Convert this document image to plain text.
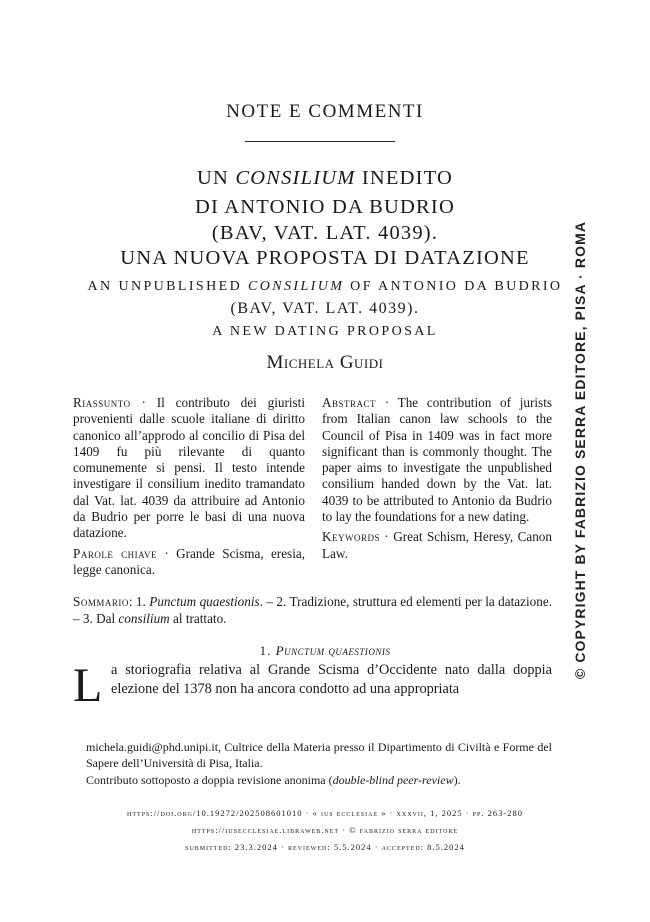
NOTE E COMMENTI
UN CONSILIUM INEDITO
DI ANTONIO DA BUDRIO
(BAV, VAT. LAT. 4039).
UNA NUOVA PROPOSTA DI DATAZIONE
AN UNPUBLISHED CONSILIUM OF ANTONIO DA BUDRIO
(BAV, VAT. LAT. 4039).
A NEW DATING PROPOSAL
Michela Guidi
Riassunto · Il contributo dei giuristi provenienti dalle scuole italiane di diritto canonico all’approdo al concilio di Pisa del 1409 fu più rilevante di quanto comunemente si pensi. Il testo intende investigare il consilium inedito tramandato dal Vat. lat. 4039 da attribuire ad Antonio da Budrio per porre le basi di una nuova datazione.
Parole chiave · Grande Scisma, eresia, legge canonica.
Abstract · The contribution of jurists from Italian canon law schools to the Council of Pisa in 1409 was in fact more significant than is commonly thought. The paper aims to investigate the unpublished consilium handed down by the Vat. lat. 4039 to be attributed to Antonio da Budrio to lay the foundations for a new dating.
Keywords · Great Schism, Heresy, Canon Law.
Sommario: 1. Punctum quaestionis. – 2. Tradizione, struttura ed elementi per la datazione. – 3. Dal consilium al trattato.
1. Punctum quaestionis
L a storiografia relativa al Grande Scisma d’Occidente nato dalla doppia elezione del 1378 non ha ancora condotto ad una appropriata
michela.guidi@phd.unipi.it, Cultrice della Materia presso il Dipartimento di Civiltà e Forme del Sapere dell’Università di Pisa, Italia.
Contributo sottoposto a doppia revisione anonima (double-blind peer-review).
https://doi.org/10.19272/202508601010 · « ius ecclesiae » · xxxvii, 1, 2025 · pp. 263-280
https://iusecclesiae.libraweb.net · © fabrizio serra editore
submitted: 23.3.2024 · reviewed: 5.5.2024 · accepted: 8.5.2024
© COPYRIGHT BY FABRIZIO SERRA EDITORE, PISA · ROMA
